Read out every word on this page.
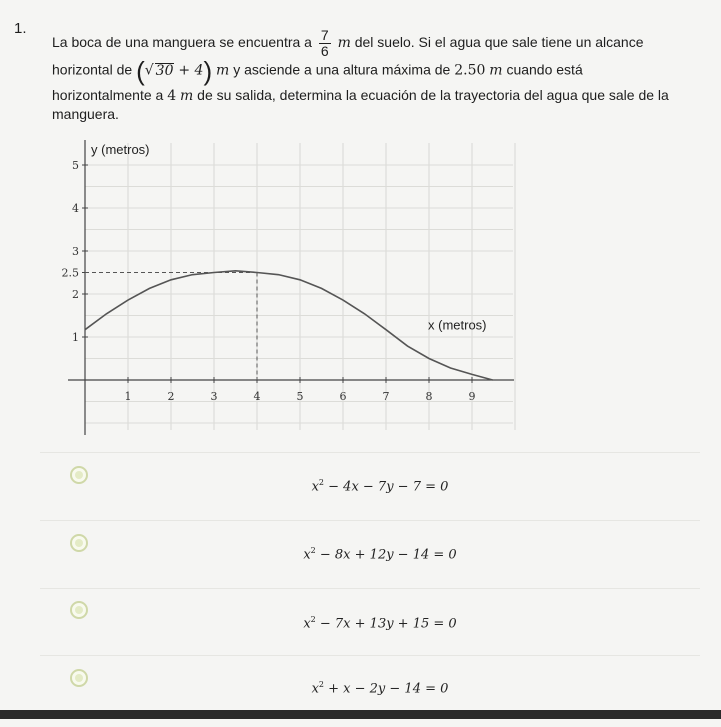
1.
La boca de una manguera se encuentra a $\frac{7}{6}$ m del suelo. Si el agua que sale tiene un alcance
horizontal de (√ 30 + 4) m y asciende a una altura máxima de 2.50 m cuando está
horizontalmente a 4 m de su salida, determina la ecuación de la trayectoria del agua que sale de la
manguera.
1	2	3	4	5	6	7	8	9
1
2
2.5
3
4
5
y (metros)
x (metros)
$x^2 - 4x - 7y - 7 = 0$
$x^2 - 8x + 12y - 14 = 0$
$x^2 - 7x + 13y + 15 = 0$
$x^2 + x - 2y - 14 = 0$
